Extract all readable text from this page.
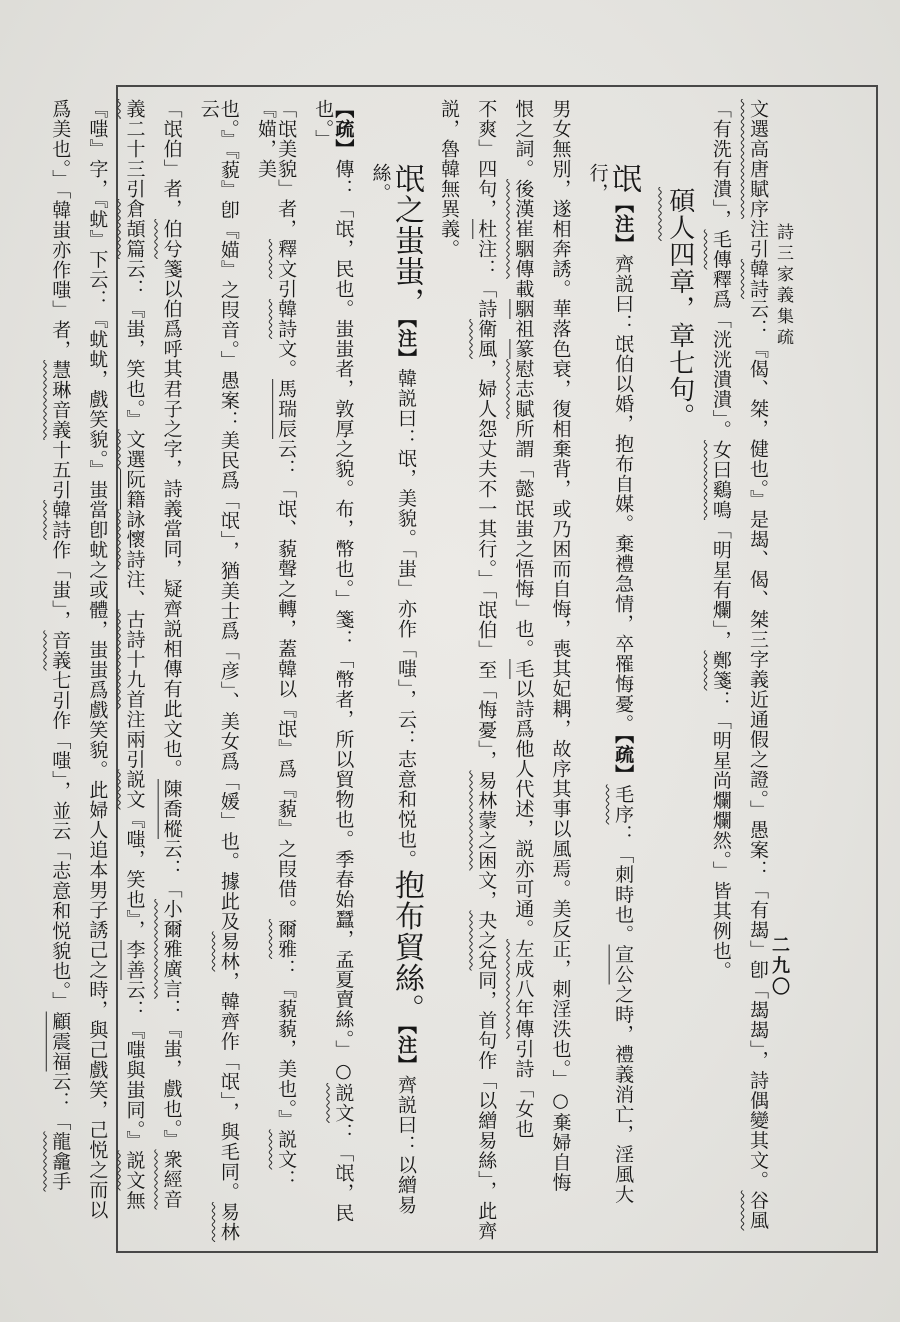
詩三家義集疏
二九〇
文選高唐賦序注引韓詩云：『偈、桀，健也。』是朅、偈、桀三字義近通假之證。」愚案：「有朅」卽「朅朅」，詩偶變其文。谷風
「有洗有潰」，毛傳釋爲「洸洸潰潰」。女曰鷄鳴「明星有爛」，鄭箋：「明星尚爛爛然。」皆其例也。
碩人四章，章七句。
氓【注】齊説曰：氓伯以婚，抱布自媒。棄禮急情，卒罹悔憂。【疏】毛序：「刺時也。宣公之時，禮義消亡，淫風大行，
男女無別，遂相奔誘。華落色衰，復相棄背，或乃困而自悔，喪其妃耦，故序其事以風焉。美反正，刺淫泆也。」○棄婦自悔
恨之詞。後漢崔駰傳載駰祖篆慰志賦所謂「懿氓蚩之悟悔」也。毛以詩爲他人代述，説亦可通。左成八年傳引詩「女也
不爽」四句，杜注：「詩衛風，婦人怨丈夫不一其行。」「氓伯」至「悔憂」，易林蒙之困文，夬之兌同，首句作「以繒易絲」，此齊
説，魯韓無異義。
氓之蚩蚩，【注】韓説曰：氓，美貌。「蚩」亦作「嗤」，云：志意和悦也。抱布貿絲。【注】齊説曰：以繒易絲。
【疏】傳：「氓，民也。蚩蚩者，敦厚之貌。布，幣也。」箋：「幣者，所以貿物也。季春始蠶，孟夏賣絲。」○説文：「氓，民也。」
「氓美貌」者，釋文引韓詩文。馬瑞辰云：「氓、藐聲之轉，蓋韓以『氓』爲『藐』之叚借。爾雅：『藐藐，美也。』説文：『媌，美
也。』『藐』卽『媌』之叚音。」愚案：美民爲「氓」，猶美士爲「彦」、美女爲「媛」也。據此及易林，韓齊作「氓」，與毛同。易林云
「氓伯」者，伯兮箋以伯爲呼其君子之字，詩義當同，疑齊説相傳有此文也。陳喬樅云：「小爾雅廣言：『蚩，戲也。』衆經音
義二十三引倉頡篇云：『蚩，笑也。』文選阮籍詠懷詩注、古詩十九首注兩引説文『嗤，笑也』，李善云：『嗤與蚩同。』説文無
『嗤』字，『蚘』下云：『蚘蚘，戲笑貌。』蚩當卽蚘之或體，蚩蚩爲戲笑貌。此婦人追本男子誘己之時，與己戲笑，己悦之而以
爲美也。」「韓蚩亦作嗤」者，慧琳音義十五引韓詩作「蚩」，音義七引作「嗤」，並云「志意和悦貌也。」顧震福云：「龍龕手
